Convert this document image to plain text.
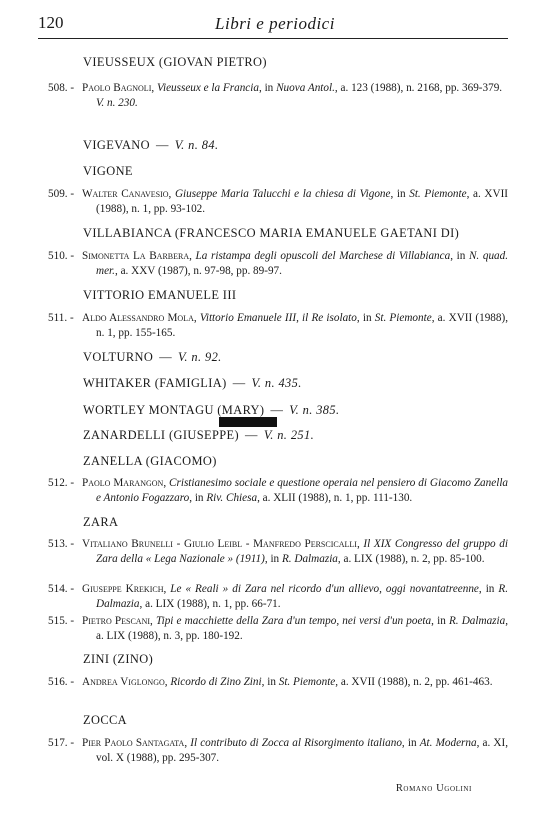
120	Libri e periodici
VIEUSSEUX (GIOVAN PIETRO)
508. - Paolo Bagnoli, Vieusseux e la Francia, in Nuova Antol., a. 123 (1988), n. 2168, pp. 369-379.
V. n. 230.
VIGEVANO — V. n. 84.
VIGONE
509. - Walter Canavesio, Giuseppe Maria Talucchi e la chiesa di Vigone, in St. Piemonte, a. XVII (1988), n. 1, pp. 93-102.
VILLABIANCA (FRANCESCO MARIA EMANUELE GAETANI DI)
510. - Simonetta La Barbera, La ristampa degli opuscoli del Marchese di Villabianca, in N. quad. mer., a. XXV (1987), n. 97-98, pp. 89-97.
VITTORIO EMANUELE III
511. - Aldo Alessandro Mola, Vittorio Emanuele III, il Re isolato, in St. Piemonte, a. XVII (1988), n. 1, pp. 155-165.
VOLTURNO — V. n. 92.
WHITAKER (FAMIGLIA) — V. n. 435.
WORTLEY MONTAGU (MARY) — V. n. 385.
ZANARDELLI (GIUSEPPE) — V. n. 251.
ZANELLA (GIACOMO)
512. - Paolo Marangon, Cristianesimo sociale e questione operaia nel pensiero di Giacomo Zanella e Antonio Fogazzaro, in Riv. Chiesa, a. XLII (1988), n. 1, pp. 111-130.
ZARA
513. - Vitaliano Brunelli - Giulio Leibl - Manfredo Perscicalli, Il XIX Congresso del gruppo di Zara della « Lega Nazionale » (1911), in R. Dalmazia, a. LIX (1988), n. 2, pp. 85-100.
514. - Giuseppe Krekich, Le « Reali » di Zara nel ricordo d'un allievo, oggi novantatreenne, in R. Dalmazia, a. LIX (1988), n. 1, pp. 66-71.
515. - Pietro Pescani, Tipi e macchiette della Zara d'un tempo, nei versi d'un poeta, in R. Dalmazia, a. LIX (1988), n. 3, pp. 180-192.
ZINI (ZINO)
516. - Andrea Viglongo, Ricordo di Zino Zini, in St. Piemonte, a. XVII (1988), n. 2, pp. 461-463.
ZOCCA
517. - Pier Paolo Santagata, Il contributo di Zocca al Risorgimento italiano, in At. Moderna, a. XI, vol. X (1988), pp. 295-307.
Romano Ugolini
